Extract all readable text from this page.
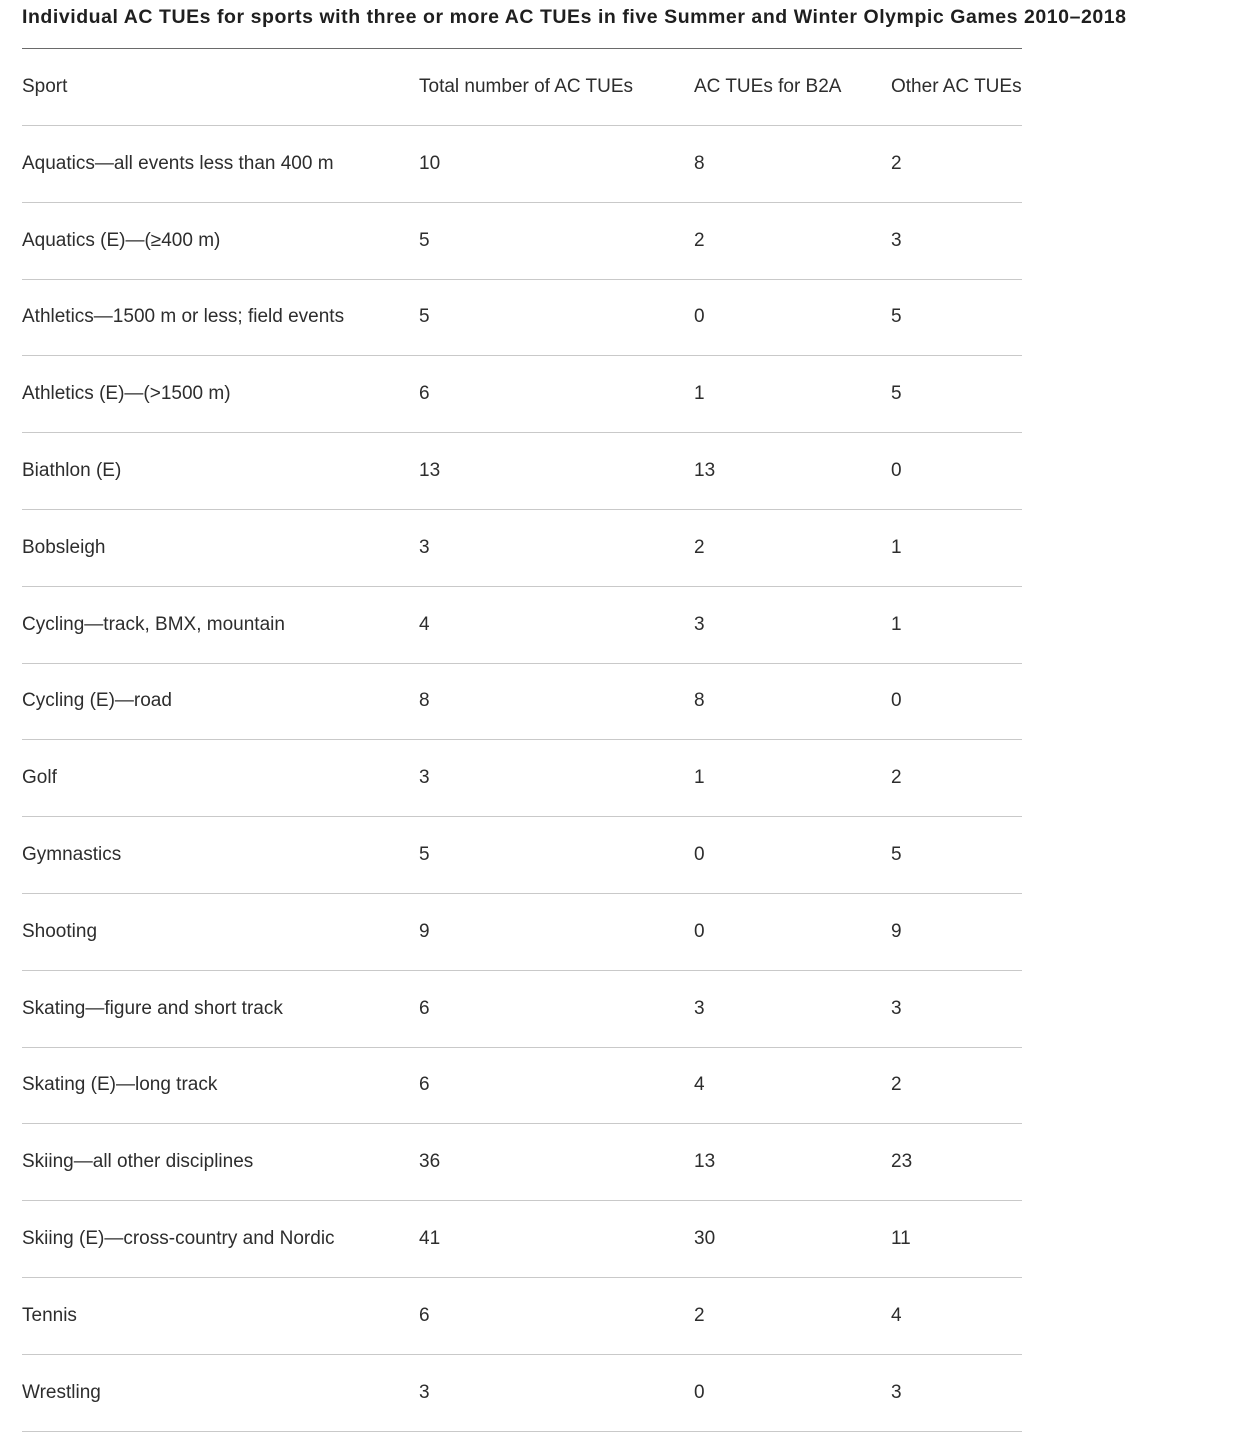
Individual AC TUEs for sports with three or more AC TUEs in five Summer and Winter Olympic Games 2010–2018
Sport	Total number of AC TUEs	AC TUEs for B2A	Other AC TUEs
Aquatics—all events less than 400 m	10	8	2
Aquatics (E)—(≥400 m)	5	2	3
Athletics—1500 m or less; field events	5	0	5
Athletics (E)—(>1500 m)	6	1	5
Biathlon (E)	13	13	0
Bobsleigh	3	2	1
Cycling—track, BMX, mountain	4	3	1
Cycling (E)—road	8	8	0
Golf	3	1	2
Gymnastics	5	0	5
Shooting	9	0	9
Skating—figure and short track	6	3	3
Skating (E)—long track	6	4	2
Skiing—all other disciplines	36	13	23
Skiing (E)—cross-country and Nordic	41	30	11
Tennis	6	2	4
Wrestling	3	0	3
